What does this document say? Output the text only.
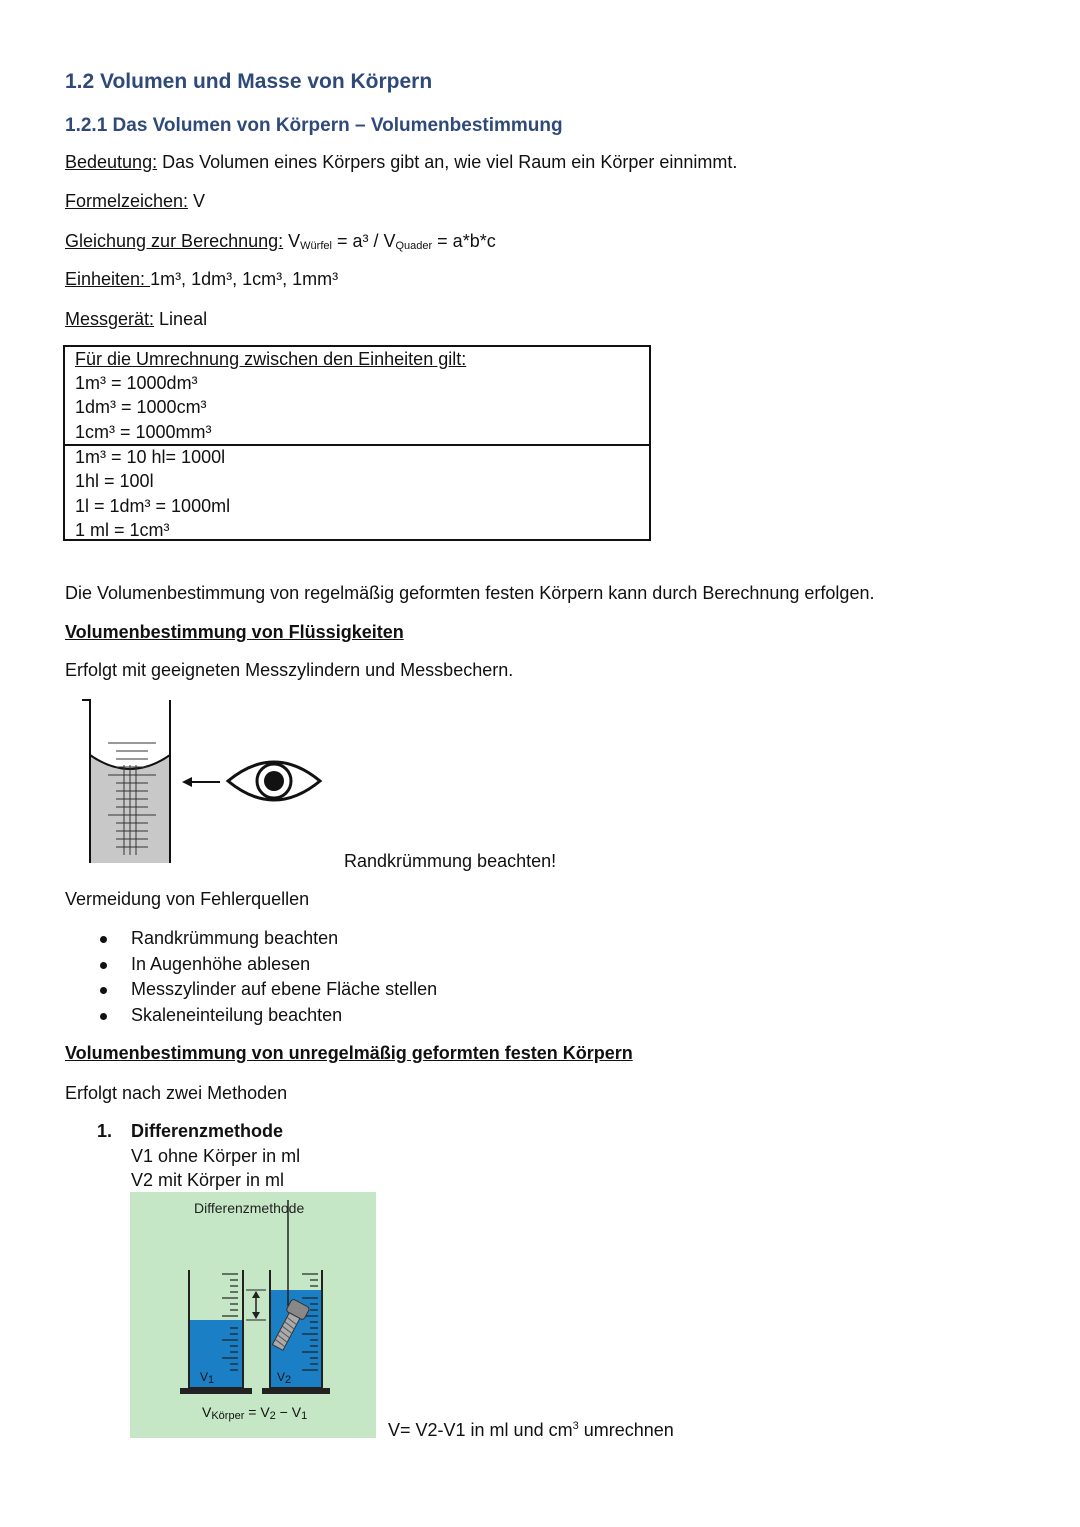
1.2 Volumen und Masse von Körpern
1.2.1 Das Volumen von Körpern – Volumenbestimmung
Bedeutung: Das Volumen eines Körpers gibt an, wie viel Raum ein Körper einnimmt.
Formelzeichen: V
Gleichung zur Berechnung: $V_{Würfel} = a^3 / V_{Quader} = a*b*c$
Einheiten: 1m³, 1dm³, 1cm³, 1mm³
Messgerät: Lineal
Für die Umrechnung zwischen den Einheiten gilt:
1m³ = 1000dm³
1dm³ = 1000cm³
1cm³ = 1000mm³
1m³ = 10 hl= 1000l
1hl = 100l
1l = 1dm³ = 1000ml
1 ml = 1cm³
Die Volumenbestimmung von regelmäßig geformten festen Körpern kann durch Berechnung erfolgen.
Volumenbestimmung von Flüssigkeiten
Erfolgt mit geeigneten Messzylindern und Messbechern.
Randkrümmung beachten!
Vermeidung von Fehlerquellen
Randkrümmung beachten
In Augenhöhe ablesen
Messzylinder auf ebene Fläche stellen
Skaleneinteilung beachten
Volumenbestimmung von unregelmäßig geformten festen Körpern
Erfolgt nach zwei Methoden
1. Differenzmethode
V1 ohne Körper in ml
V2 mit Körper in ml
Differenzmethode
$V_1$	$V_2$
$V_{Körper} = V_2 - V_1$
V= V2-V1 in ml und $cm^3$ umrechnen
